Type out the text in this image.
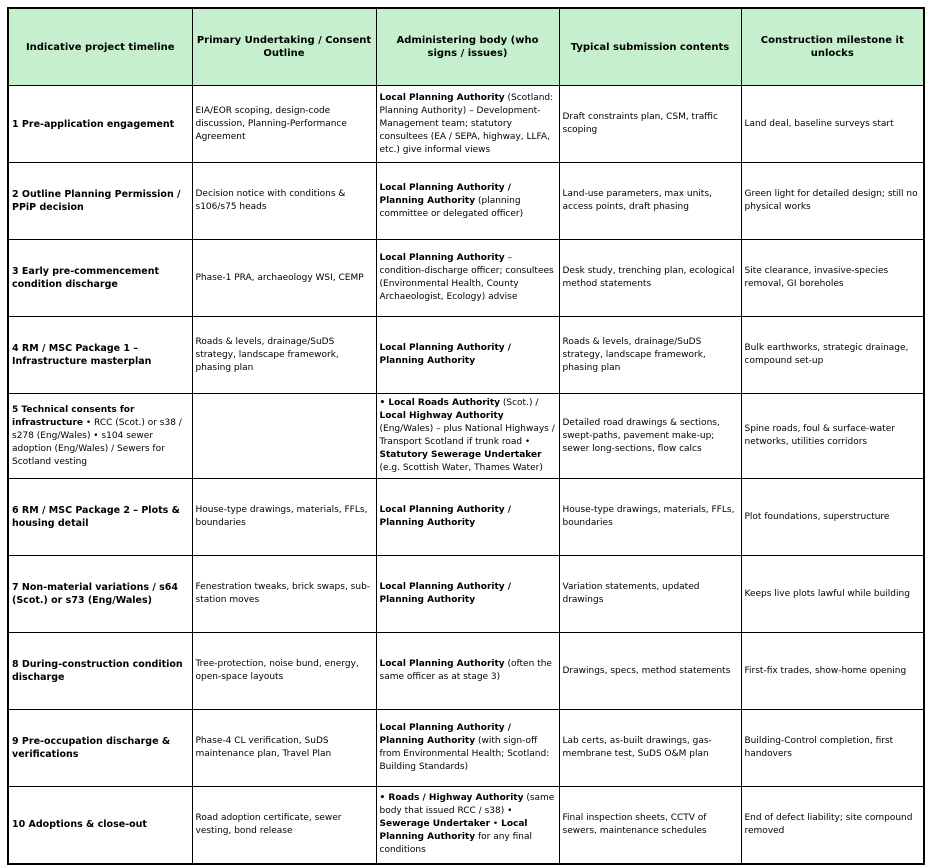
Indicative project timeline	Primary Undertaking / Consent Outline	Administering body (who signs / issues)	Typical submission contents	Construction milestone it unlocks
1 Pre-application engagement	EIA/EOR scoping, design-code discussion, Planning-Performance Agreement	Local Planning Authority (Scotland: Planning Authority) – Development-Management team; statutory consultees (EA / SEPA, highway, LLFA, etc.) give informal views	Draft constraints plan, CSM, traffic scoping	Land deal, baseline surveys start
2 Outline Planning Permission / PPiP decision	Decision notice with conditions & s106/s75 heads	Local Planning Authority / Planning Authority (planning committee or delegated officer)	Land-use parameters, max units, access points, draft phasing	Green light for detailed design; still no physical works
3 Early pre-commencement condition discharge	Phase-1 PRA, archaeology WSI, CEMP	Local Planning Authority – condition-discharge officer; consultees (Environmental Health, County Archaeologist, Ecology) advise	Desk study, trenching plan, ecological method statements	Site clearance, invasive-species removal, GI boreholes
4 RM / MSC Package 1 – Infrastructure masterplan	Roads & levels, drainage/SuDS strategy, landscape framework, phasing plan	Local Planning Authority / Planning Authority	Roads & levels, drainage/SuDS strategy, landscape framework, phasing plan	Bulk earthworks, strategic drainage, compound set-up
5 Technical consents for infrastructure • RCC (Scot.) or s38 / s278 (Eng/Wales) • s104 sewer adoption (Eng/Wales) / Sewers for Scotland vesting		• Local Roads Authority (Scot.) / Local Highway Authority (Eng/Wales) – plus National Highways / Transport Scotland if trunk road • Statutory Sewerage Undertaker (e.g. Scottish Water, Thames Water)	Detailed road drawings & sections, swept-paths, pavement make-up; sewer long-sections, flow calcs	Spine roads, foul & surface-water networks, utilities corridors
6 RM / MSC Package 2 – Plots & housing detail	House-type drawings, materials, FFLs, boundaries	Local Planning Authority / Planning Authority	House-type drawings, materials, FFLs, boundaries	Plot foundations, superstructure
7 Non-material variations / s64 (Scot.) or s73 (Eng/Wales)	Fenestration tweaks, brick swaps, sub-station moves	Local Planning Authority / Planning Authority	Variation statements, updated drawings	Keeps live plots lawful while building
8 During-construction condition discharge	Tree-protection, noise bund, energy, open-space layouts	Local Planning Authority (often the same officer as at stage 3)	Drawings, specs, method statements	First-fix trades, show-home opening
9 Pre-occupation discharge & verifications	Phase-4 CL verification, SuDS maintenance plan, Travel Plan	Local Planning Authority / Planning Authority (with sign-off from Environmental Health; Scotland: Building Standards)	Lab certs, as-built drawings, gas-membrane test, SuDS O&M plan	Building-Control completion, first handovers
10 Adoptions & close-out	Road adoption certificate, sewer vesting, bond release	• Roads / Highway Authority (same body that issued RCC / s38) • Sewerage Undertaker • Local Planning Authority for any final conditions	Final inspection sheets, CCTV of sewers, maintenance schedules	End of defect liability; site compound removed
